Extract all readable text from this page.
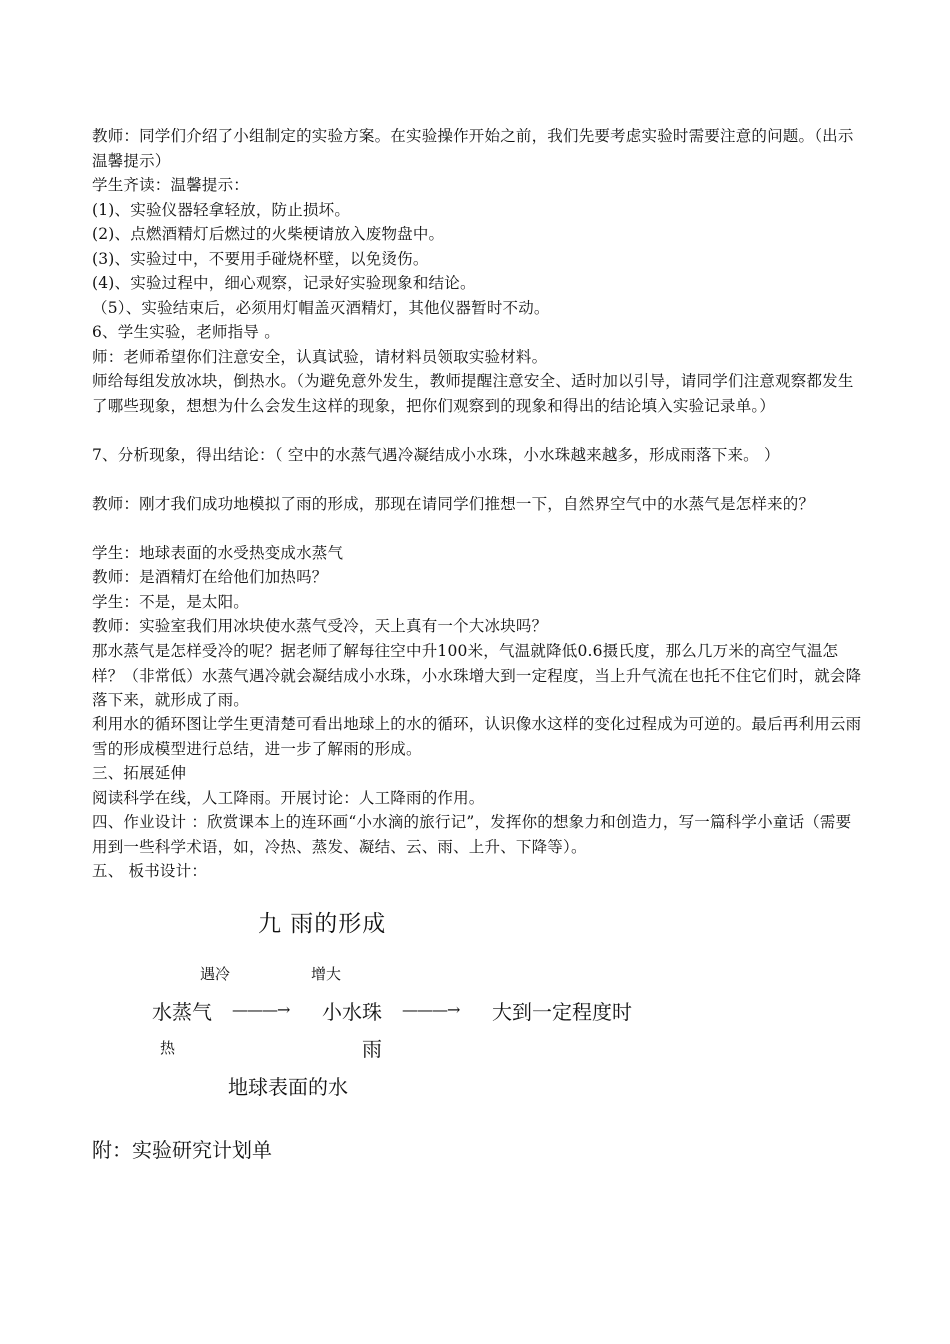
教师：同学们介绍了小组制定的实验方案。在实验操作开始之前，我们先要考虑实验时需要注意的问题。（出示温馨提示）

学生齐读：温馨提示：

(1)、实验仪器轻拿轻放，防止损坏。

(2)、点燃酒精灯后燃过的火柴梗请放入废物盘中。

(3)、实验过中，不要用手碰烧杯壁，以免烫伤。

(4)、实验过程中，细心观察，记录好实验现象和结论。

（5）、实验结束后，必须用灯帽盖灭酒精灯，其他仪器暂时不动。

6、学生实验，老师指导 。

师：老师希望你们注意安全，认真试验，请材料员领取实验材料。

师给每组发放冰块，倒热水。（为避免意外发生，教师提醒注意安全、适时加以引导，请同学们注意观察都发生了哪些现象，想想为什么会发生这样的现象，把你们观察到的现象和得出的结论填入实验记录单。）

7、分析现象，得出结论：（ 空中的水蒸气遇冷凝结成小水珠，小水珠越来越多，形成雨落下来。 ）

教师：刚才我们成功地模拟了雨的形成，那现在请同学们推想一下，自然界空气中的水蒸气是怎样来的？

学生：地球表面的水受热变成水蒸气

教师：是酒精灯在给他们加热吗？

学生：不是，是太阳。

教师：实验室我们用冰块使水蒸气受冷，天上真有一个大冰块吗？

那水蒸气是怎样受冷的呢？据老师了解每往空中升100米，气温就降低0.6摄氏度，那么几万米的高空气温怎样？（非常低）水蒸气遇冷就会凝结成小水珠，小水珠增大到一定程度，当上升气流在也托不住它们时，就会降落下来，就形成了雨。

利用水的循环图让学生更清楚可看出地球上的水的循环，认识像水这样的变化过程成为可逆的。最后再利用云雨雪的形成模型进行总结，进一步了解雨的形成。

三、拓展延伸

阅读科学在线，人工降雨。开展讨论：人工降雨的作用。

四、作业设计 ：欣赏课本上的连环画“小水滴的旅行记”，发挥你的想象力和创造力，写一篇科学小童话（需要用到一些科学术语，如，冷热、蒸发、凝结、云、雨、上升、下降等）。

五、 板书设计：

九 雨的形成

遇冷	增大
水蒸气 ———→ 小水珠 ———→ 大到一定程度时
热	雨
地球表面的水

附：实验研究计划单
